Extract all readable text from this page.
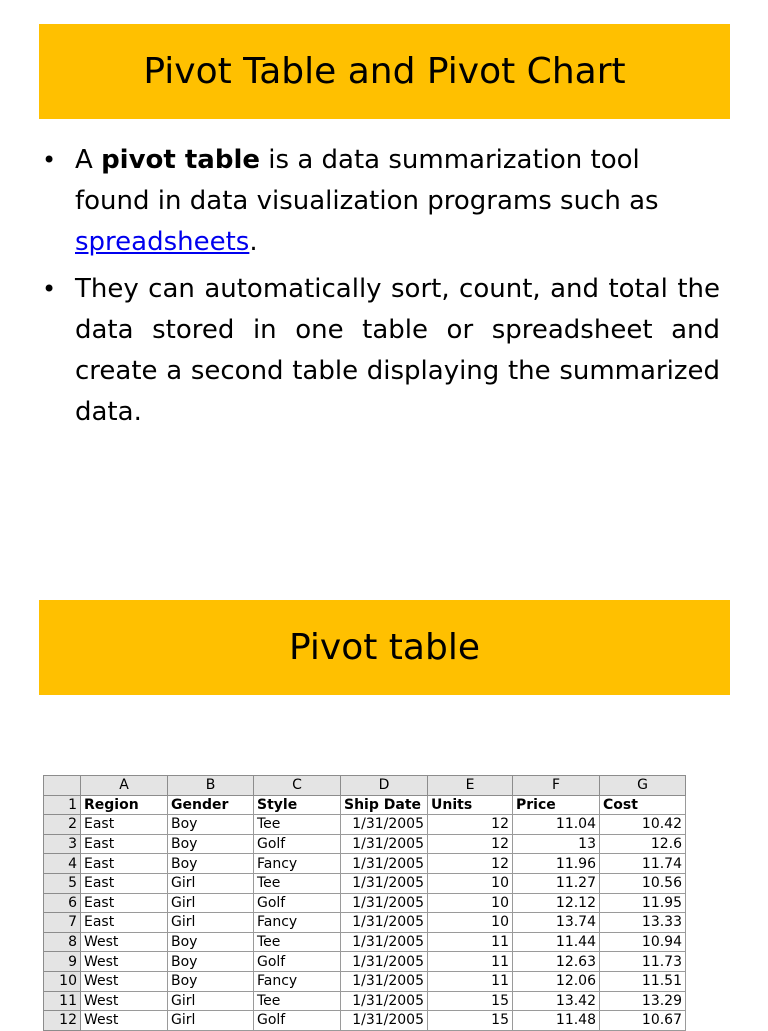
Pivot Table and Pivot Chart
• A pivot table is a data summarization tool found in data visualization programs such as spreadsheets.
• They can automatically sort, count, and total the data stored in one table or spreadsheet and create a second table displaying the summarized data.
Pivot table
	A	B	C	D	E	F	G
1	Region	Gender	Style	Ship Date	Units	Price	Cost
2	East	Boy	Tee	1/31/2005	12	11.04	10.42
3	East	Boy	Golf	1/31/2005	12	13	12.6
4	East	Boy	Fancy	1/31/2005	12	11.96	11.74
5	East	Girl	Tee	1/31/2005	10	11.27	10.56
6	East	Girl	Golf	1/31/2005	10	12.12	11.95
7	East	Girl	Fancy	1/31/2005	10	13.74	13.33
8	West	Boy	Tee	1/31/2005	11	11.44	10.94
9	West	Boy	Golf	1/31/2005	11	12.63	11.73
10	West	Boy	Fancy	1/31/2005	11	12.06	11.51
11	West	Girl	Tee	1/31/2005	15	13.42	13.29
12	West	Girl	Golf	1/31/2005	15	11.48	10.67
